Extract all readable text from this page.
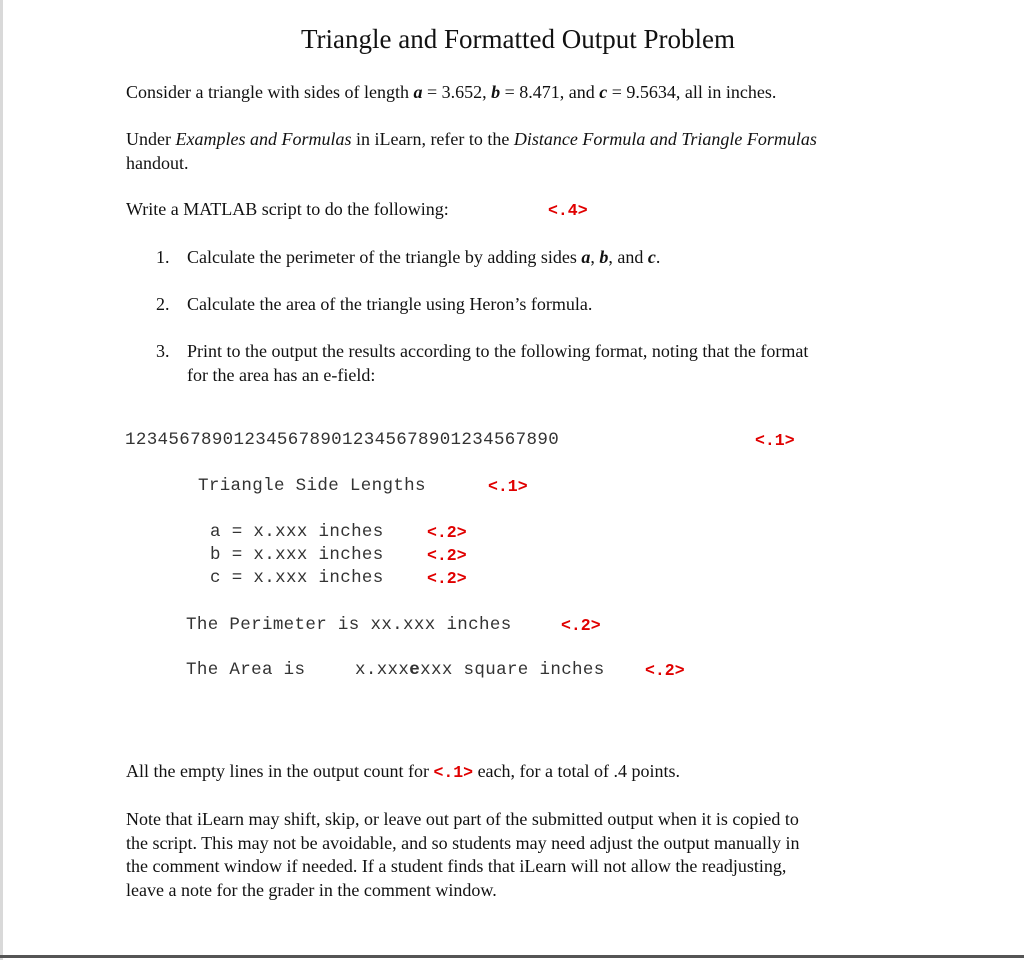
Triangle and Formatted Output Problem

Consider a triangle with sides of length a = 3.652, b = 8.471, and c = 9.5634, all in inches.

Under Examples and Formulas in iLearn, refer to the Distance Formula and Triangle Formulas
handout.

Write a MATLAB script to do the following:	<.4>
1. Calculate the perimeter of the triangle by adding sides a, b, and c.
2. Calculate the area of the triangle using Heron’s formula.
3. Print to the output the results according to the following format, noting that the format
for the area has an e-field:
1234567890123456789012345678901234567890	<.1>
Triangle Side Lengths	<.1>
a = x.xxx inches	<.2>
b = x.xxx inches	<.2>
c = x.xxx inches	<.2>
The Perimeter is xx.xxx inches	<.2>
The Area is	x.xxxexxx square inches <.2>

All the empty lines in the output count for <.1> each, for a total of .4 points.

Note that iLearn may shift, skip, or leave out part of the submitted output when it is copied to
the script. This may not be avoidable, and so students may need adjust the output manually in
the comment window if needed. If a student finds that iLearn will not allow the readjusting,
leave a note for the grader in the comment window.
